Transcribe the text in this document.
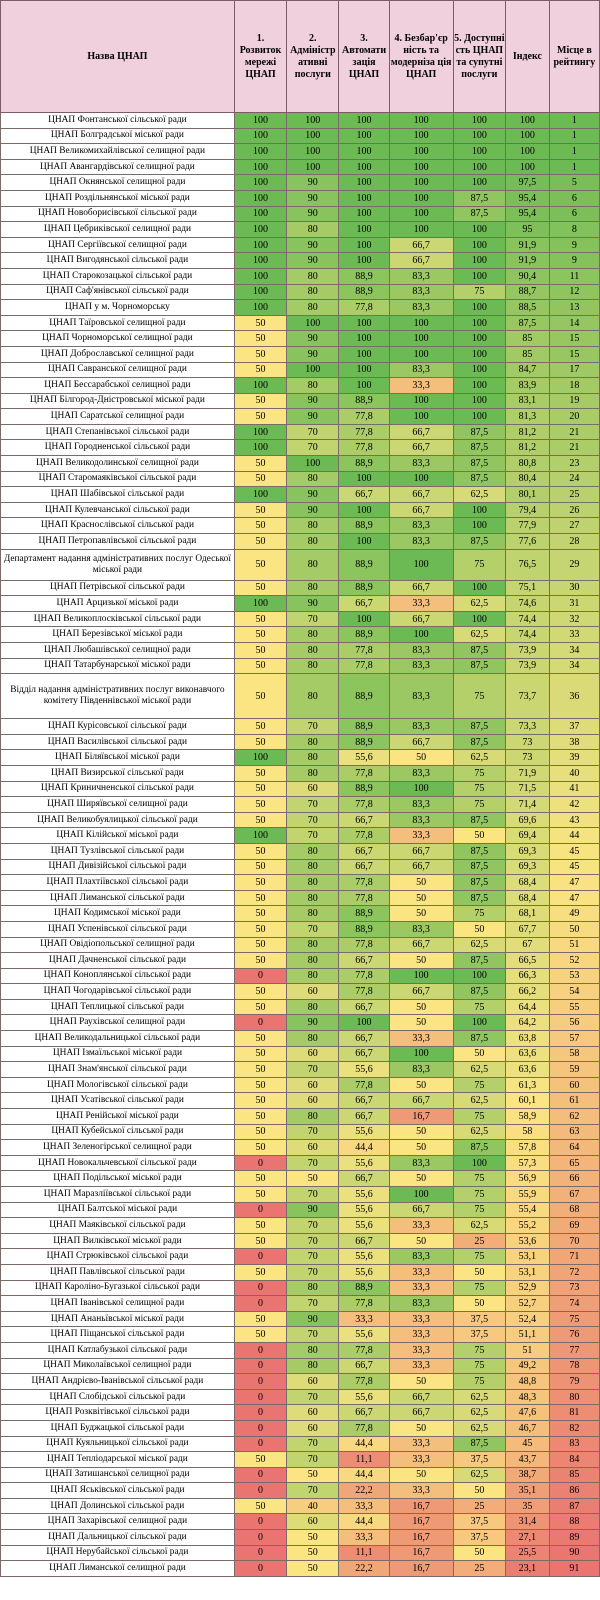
Назва ЦНАП	1. Розвиток мережі ЦНАП	2. Адміністр ативні послуги	3. Автомати зація ЦНАП	4. Безбар'єр ність та модерніза ція ЦНАП	5. Доступні сть ЦНАП та супутні послуги	Індекс	Місце в рейтингу
ЦНАП Фонтанської сільської ради	100	100	100	100	100	100	1
ЦНАП Болградської міської ради	100	100	100	100	100	100	1
ЦНАП Великомихайлівської селищної ради	100	100	100	100	100	100	1
ЦНАП Авангардівської селищної ради	100	100	100	100	100	100	1
ЦНАП Окнянської селищної ради	100	90	100	100	100	97,5	5
ЦНАП Роздільнянської міської ради	100	90	100	100	87,5	95,4	6
ЦНАП Новоборисівської сільської ради	100	90	100	100	87,5	95,4	6
ЦНАП Цебриківської селищної ради	100	80	100	100	100	95	8
ЦНАП Сергіївської селищної ради	100	90	100	66,7	100	91,9	9
ЦНАП Вигодянської сільської ради	100	90	100	66,7	100	91,9	9
ЦНАП Старокозацької сільської ради	100	80	88,9	83,3	100	90,4	11
ЦНАП Саф'янівської сільської ради	100	80	88,9	83,3	75	88,7	12
ЦНАП у м. Чорноморську	100	80	77,8	83,3	100	88,5	13
ЦНАП Таїровської селищної ради	50	100	100	100	100	87,5	14
ЦНАП Чорноморської селищної ради	50	90	100	100	100	85	15
ЦНАП Доброславської селищної ради	50	90	100	100	100	85	15
ЦНАП Савранської селищної ради	50	100	100	83,3	100	84,7	17
ЦНАП Бессарабської селищної ради	100	80	100	33,3	100	83,9	18
ЦНАП Білгород-Дністровської міської ради	50	90	88,9	100	100	83,1	19
ЦНАП Саратської селищної ради	50	90	77,8	100	100	81,3	20
ЦНАП Степанівської сільської ради	100	70	77,8	66,7	87,5	81,2	21
ЦНАП Городненської сільської ради	100	70	77,8	66,7	87,5	81,2	21
ЦНАП Великодолинської селищної ради	50	100	88,9	83,3	87,5	80,8	23
ЦНАП Старомаяківської сільської ради	50	80	100	100	87,5	80,4	24
ЦНАП Шабівської сільської ради	100	90	66,7	66,7	62,5	80,1	25
ЦНАП Кулевчанської сільської ради	50	90	100	66,7	100	79,4	26
ЦНАП Краснослівської сільської ради	50	80	88,9	83,3	100	77,9	27
ЦНАП Петропавлівської сільської ради	50	80	100	83,3	87,5	77,6	28
Департамент надання адміністративних послуг Одеської міської ради	50	80	88,9	100	75	76,5	29
ЦНАП Петрівської сільської ради	50	80	88,9	66,7	100	75,1	30
ЦНАП Арцизької міської ради	100	90	66,7	33,3	62,5	74,6	31
ЦНАП Великоплосківської сільської ради	50	70	100	66,7	100	74,4	32
ЦНАП Березівської міської ради	50	80	88,9	100	62,5	74,4	33
ЦНАП Любашівської селищної ради	50	80	77,8	83,3	87,5	73,9	34
ЦНАП Татарбунарської міської ради	50	80	77,8	83,3	87,5	73,9	34
Відділ надання адміністративних послуг виконавчого комітету Південнівської міської ради	50	80	88,9	83,3	75	73,7	36
ЦНАП Курісовської сільської ради	50	70	88,9	83,3	87,5	73,3	37
ЦНАП Василівської сільської ради	50	80	88,9	66,7	87,5	73	38
ЦНАП Біляївської міської ради	100	80	55,6	50	62,5	73	39
ЦНАП Визирської сільської ради	50	80	77,8	83,3	75	71,9	40
ЦНАП Криничненської сільської ради	50	60	88,9	100	75	71,5	41
ЦНАП Ширяївської селищної ради	50	70	77,8	83,3	75	71,4	42
ЦНАП Великобуялицької сільської ради	50	70	66,7	83,3	87,5	69,6	43
ЦНАП Кілійської міської ради	100	70	77,8	33,3	50	69,4	44
ЦНАП Тузлівської сільської ради	50	80	66,7	66,7	87,5	69,3	45
ЦНАП Дивізійської сільської ради	50	80	66,7	66,7	87,5	69,3	45
ЦНАП Плахтіївської сільської ради	50	80	77,8	50	87,5	68,4	47
ЦНАП Лиманської сільської ради	50	80	77,8	50	87,5	68,4	47
ЦНАП Кодимської міської ради	50	80	88,9	50	75	68,1	49
ЦНАП Успенівської сільської ради	50	70	88,9	83,3	50	67,7	50
ЦНАП Овідіопольської селищної ради	50	80	77,8	66,7	62,5	67	51
ЦНАП Дачненської сільської ради	50	80	66,7	50	87,5	66,5	52
ЦНАП Коноплянської сільської ради	0	80	77,8	100	100	66,3	53
ЦНАП Чогодарівської сільської ради	50	60	77,8	66,7	87,5	66,2	54
ЦНАП Теплицької сільської ради	50	80	66,7	50	75	64,4	55
ЦНАП Раухівської селищної ради	0	90	100	50	100	64,2	56
ЦНАП Великодальницької сільської ради	50	80	66,7	33,3	87,5	63,8	57
ЦНАП Ізмаїльської міської ради	50	60	66,7	100	50	63,6	58
ЦНАП Знам'янської сільської ради	50	70	55,6	83,3	62,5	63,6	59
ЦНАП Мологівської сільської ради	50	60	77,8	50	75	61,3	60
ЦНАП Усатівської сільської ради	50	60	66,7	66,7	62,5	60,1	61
ЦНАП Ренійської міської ради	50	80	66,7	16,7	75	58,9	62
ЦНАП Кубейської сільської ради	50	70	55,6	50	62,5	58	63
ЦНАП Зеленогірської селищної ради	50	60	44,4	50	87,5	57,8	64
ЦНАП Новокальчевської сільської ради	0	70	55,6	83,3	100	57,3	65
ЦНАП Подільської міської ради	50	50	66,7	50	75	56,9	66
ЦНАП Маразліївської сільської ради	50	70	55,6	100	75	55,9	67
ЦНАП Балтської міської ради	0	90	55,6	66,7	75	55,4	68
ЦНАП Маяківської сільської ради	50	70	55,6	33,3	62,5	55,2	69
ЦНАП Вилківської міської ради	50	70	66,7	50	25	53,6	70
ЦНАП Стрюківської сільської ради	0	70	55,6	83,3	75	53,1	71
ЦНАП Павлівської сільської ради	50	70	55,6	33,3	50	53,1	72
ЦНАП Кароліно-Бугазької сільської ради	0	80	88,9	33,3	75	52,9	73
ЦНАП Іванівської селищної ради	0	70	77,8	83,3	50	52,7	74
ЦНАП Ананьївської міської ради	50	90	33,3	33,3	37,5	52,4	75
ЦНАП Піщанської сільської ради	50	70	55,6	33,3	37,5	51,1	76
ЦНАП Катлабузької сільської ради	0	80	77,8	33,3	75	51	77
ЦНАП Миколаївської селищної ради	0	80	66,7	33,3	75	49,2	78
ЦНАП Андрієво-Іванівської сільської ради	0	60	77,8	50	75	48,8	79
ЦНАП Слобідської сільської ради	0	70	55,6	66,7	62,5	48,3	80
ЦНАП Розквітівської сільської ради	0	60	66,7	66,7	62,5	47,6	81
ЦНАП Буджацької сільської ради	0	60	77,8	50	62,5	46,7	82
ЦНАП Куяльницької сільської ради	0	70	44,4	33,3	87,5	45	83
ЦНАП Тепліодарської міської ради	50	70	11,1	33,3	37,5	43,7	84
ЦНАП Затишанської селищної ради	0	50	44,4	50	62,5	38,7	85
ЦНАП Яськівської сільської ради	0	70	22,2	33,3	50	35,1	86
ЦНАП Долинської сільської ради	50	40	33,3	16,7	25	35	87
ЦНАП Захарівської селищної ради	0	60	44,4	16,7	37,5	31,4	88
ЦНАП Дальницької сільської ради	0	50	33,3	16,7	37,5	27,1	89
ЦНАП Нерубайської сільської ради	0	50	11,1	16,7	50	25,5	90
ЦНАП Лиманської селищної ради	0	50	22,2	16,7	25	23,1	91
